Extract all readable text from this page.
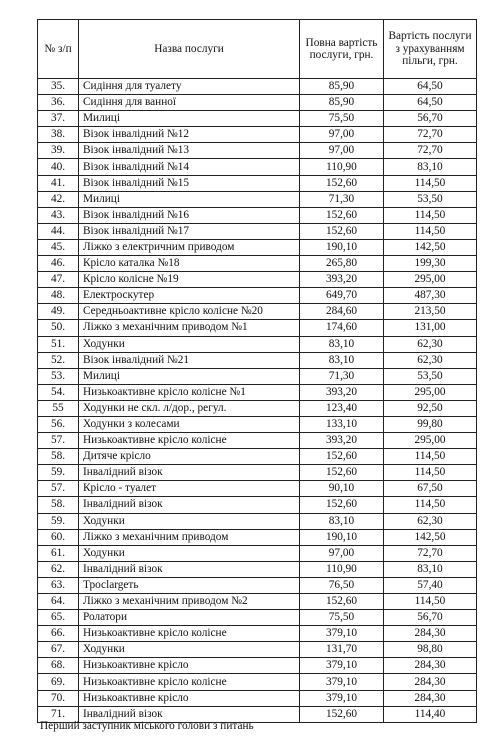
№ з/п	Назва послуги	Повна вартість послуги, грн.	Вартість послуги з урахуванням пільги, грн.
35.	Сидіння для туалету	85,90	64,50
36.	Сидіння для ванної	85,90	64,50
37.	Милиці	75,50	56,70
38.	Візок інвалідний №12	97,00	72,70
39.	Візок інвалідний №13	97,00	72,70
40.	Візок інвалідний №14	110,90	83,10
41.	Візок інвалідний №15	152,60	114,50
42.	Милиці	71,30	53,50
43.	Візок інвалідний №16	152,60	114,50
44.	Візок інвалідний №17	152,60	114,50
45.	Ліжко з електричним приводом	190,10	142,50
46.	Крісло каталка №18	265,80	199,30
47.	Крісло колісне №19	393,20	295,00
48.	Електроскутер	649,70	487,30
49.	Середньоактивне крісло колісне №20	284,60	213,50
50.	Ліжко з механічним приводом №1	174,60	131,00
51.	Ходунки	83,10	62,30
52.	Візок інвалідний №21	83,10	62,30
53.	Милиці	71,30	53,50
54.	Низькоактивне крісло колісне №1	393,20	295,00
55	Ходунки не скл. л/дор., регул.	123,40	92,50
56.	Ходунки з колесами	133,10	99,80
57.	Низькоактивне крісло колісне	393,20	295,00
58.	Дитяче крісло	152,60	114,50
59.	Інвалідний візок	152,60	114,50
57.	Крісло - туалет	90,10	67,50
58.	Інвалідний візок	152,60	114,50
59.	Ходунки	83,10	62,30
60.	Ліжко з механічним приводом	190,10	142,50
61.	Ходунки	97,00	72,70
62.	Інвалідний візок	110,90	83,10
63.	Тросlargeть	76,50	57,40
64.	Ліжко з механічним приводом №2	152,60	114,50
65.	Ролатори	75,50	56,70
66.	Низькоактивне крісло колісне	379,10	284,30
67.	Ходунки	131,70	98,80
68.	Низькоактивне крісло	379,10	284,30
69.	Низькоактивне крісло колісне	379,10	284,30
70.	Низькоактивне крісло	379,10	284,30
71.	Інвалідний візок	152,60	114,40
Перший заступник міського голови з питань
